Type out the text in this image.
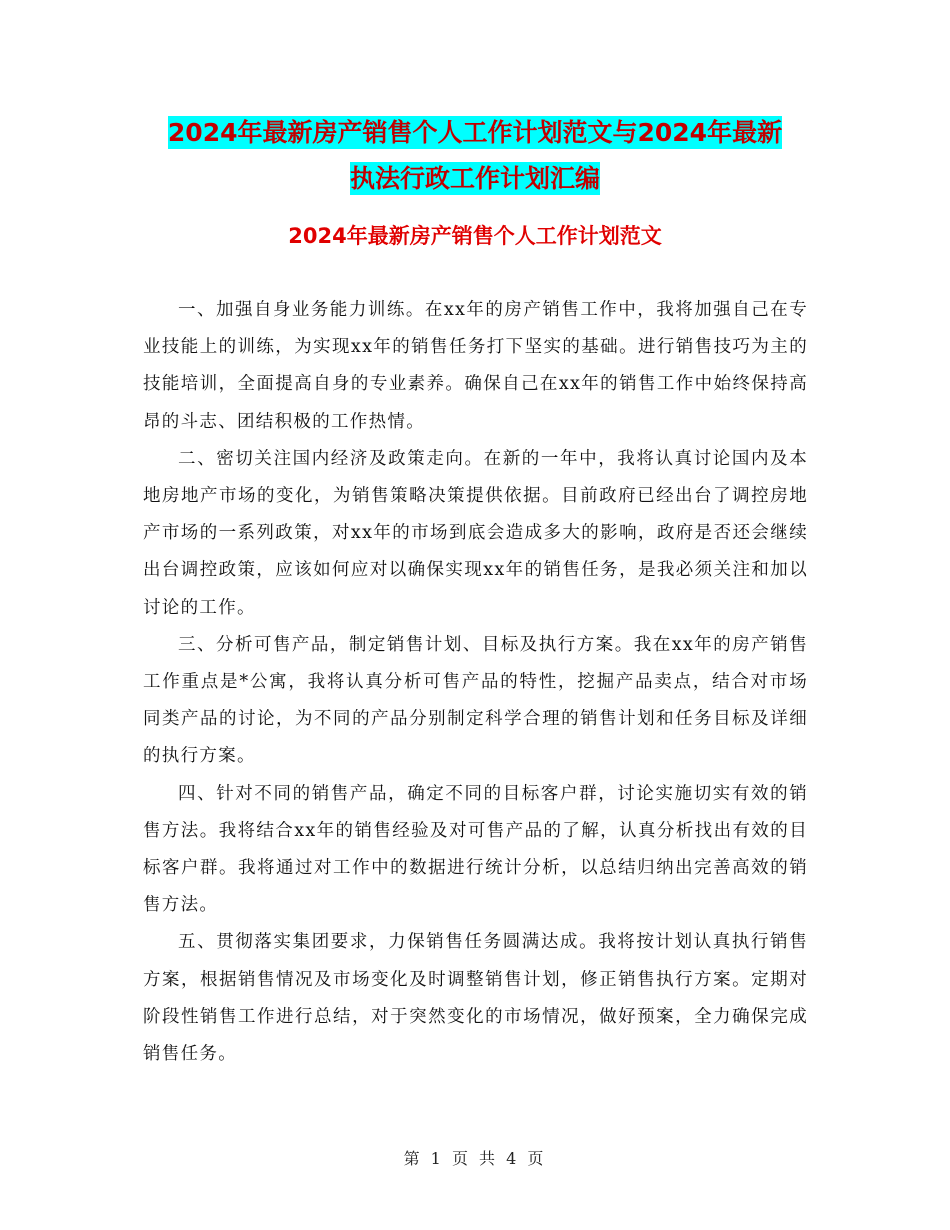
2024年最新房产销售个人工作计划范文与2024年最新
执法行政工作计划汇编
2024年最新房产销售个人工作计划范文

一、加强自身业务能力训练。在xx年的房产销售工作中，我将加强自己在专业技能上的训练，为实现xx年的销售任务打下坚实的基础。进行销售技巧为主的技能培训，全面提高自身的专业素养。确保自己在xx年的销售工作中始终保持高昂的斗志、团结积极的工作热情。

二、密切关注国内经济及政策走向。在新的一年中，我将认真讨论国内及本地房地产市场的变化，为销售策略决策提供依据。目前政府已经出台了调控房地产市场的一系列政策，对xx年的市场到底会造成多大的影响，政府是否还会继续出台调控政策，应该如何应对以确保实现xx年的销售任务，是我必须关注和加以讨论的工作。

三、分析可售产品，制定销售计划、目标及执行方案。我在xx年的房产销售工作重点是*公寓，我将认真分析可售产品的特性，挖掘产品卖点，结合对市场同类产品的讨论，为不同的产品分别制定科学合理的销售计划和任务目标及详细的执行方案。

四、针对不同的销售产品，确定不同的目标客户群，讨论实施切实有效的销售方法。我将结合xx年的销售经验及对可售产品的了解，认真分析找出有效的目标客户群。我将通过对工作中的数据进行统计分析，以总结归纳出完善高效的销售方法。

五、贯彻落实集团要求，力保销售任务圆满达成。我将按计划认真执行销售方案，根据销售情况及市场变化及时调整销售计划，修正销售执行方案。定期对阶段性销售工作进行总结，对于突然变化的市场情况，做好预案，全力确保完成销售任务。

第 1 页 共 4 页
